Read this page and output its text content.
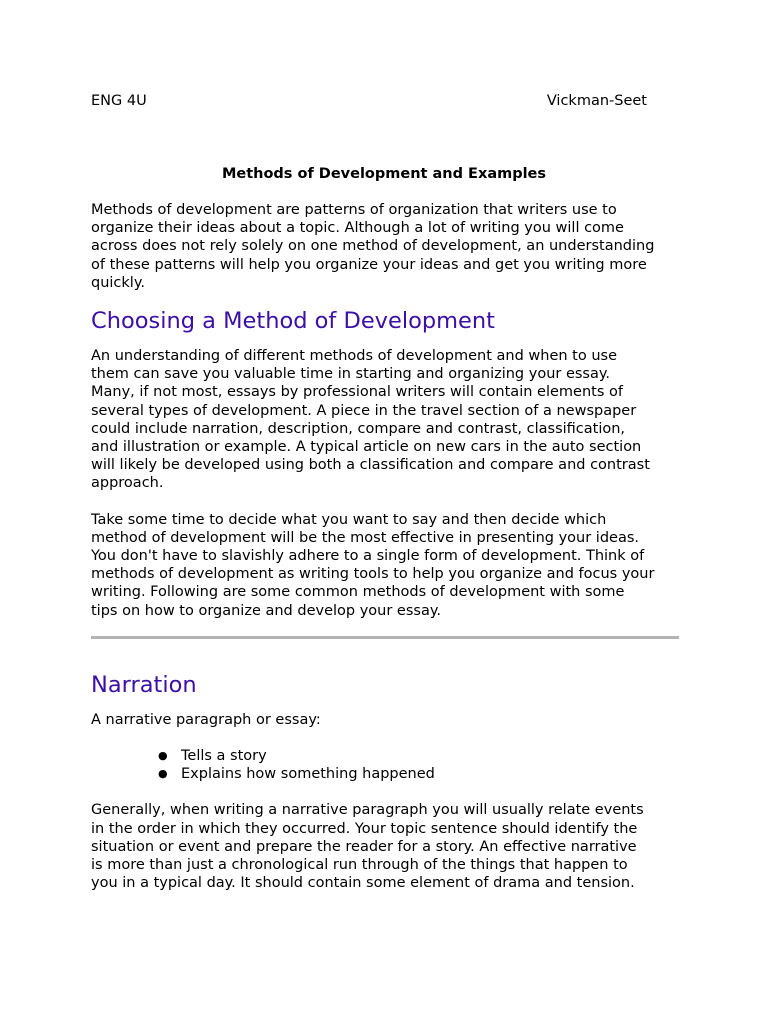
ENG 4U	Vickman-Seet
Methods of Development and Examples

Methods of development are patterns of organization that writers use to
organize their ideas about a topic. Although a lot of writing you will come
across does not rely solely on one method of development, an understanding
of these patterns will help you organize your ideas and get you writing more
quickly.

Choosing a Method of Development

An understanding of different methods of development and when to use
them can save you valuable time in starting and organizing your essay.
Many, if not most, essays by professional writers will contain elements of
several types of development. A piece in the travel section of a newspaper
could include narration, description, compare and contrast, classification,
and illustration or example. A typical article on new cars in the auto section
will likely be developed using both a classification and compare and contrast
approach.

Take some time to decide what you want to say and then decide which
method of development will be the most effective in presenting your ideas.
You don't have to slavishly adhere to a single form of development. Think of
methods of development as writing tools to help you organize and focus your
writing. Following are some common methods of development with some
tips on how to organize and develop your essay.

Narration

A narrative paragraph or essay:

● Tells a story
● Explains how something happened

Generally, when writing a narrative paragraph you will usually relate events
in the order in which they occurred. Your topic sentence should identify the
situation or event and prepare the reader for a story. An effective narrative
is more than just a chronological run through of the things that happen to
you in a typical day. It should contain some element of drama and tension.
